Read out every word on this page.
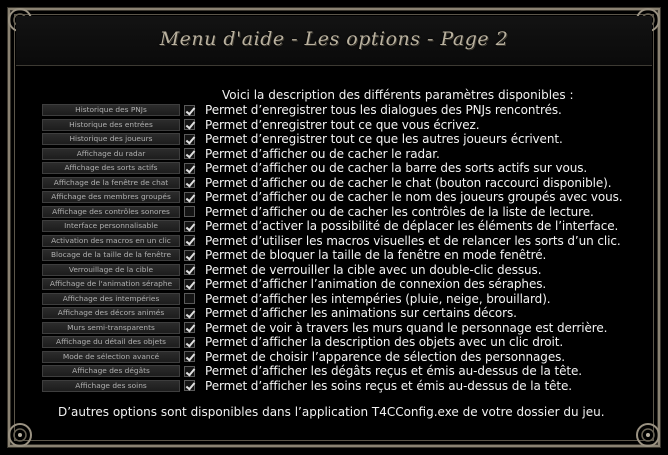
Menu d'aide - Les options - Page 2
Voici la description des différents paramètres disponibles :
Historique des PNJs	Permet d’enregistrer tous les dialogues des PNJs rencontrés.
Historique des entrées	Permet d’enregistrer tout ce que vous écrivez.
Historique des joueurs	Permet d’enregistrer tout ce que les autres joueurs écrivent.
Affichage du radar	Permet d’afficher ou de cacher le radar.
Affichage des sorts actifs	Permet d’afficher ou de cacher la barre des sorts actifs sur vous.
Affichage de la fenêtre de chat	Permet d’afficher ou de cacher le chat (bouton raccourci disponible).
Affichage des membres groupés	Permet d’afficher ou de cacher le nom des joueurs groupés avec vous.
Affichage des contrôles sonores	Permet d’afficher ou de cacher les contrôles de la liste de lecture.
Interface personnalisable	Permet d’activer la possibilité de déplacer les éléments de l’interface.
Activation des macros en un clic	Permet d’utiliser les macros visuelles et de relancer les sorts d’un clic.
Blocage de la taille de la fenêtre	Permet de bloquer la taille de la fenêtre en mode fenêtré.
Verrouillage de la cible	Permet de verrouiller la cible avec un double-clic dessus.
Affichage de l'animation séraphe	Permet d’afficher l’animation de connexion des séraphes.
Affichage des intempéries	Permet d’afficher les intempéries (pluie, neige, brouillard).
Affichage des décors animés	Permet d’afficher les animations sur certains décors.
Murs semi-transparents	Permet de voir à travers les murs quand le personnage est derrière.
Affichage du détail des objets	Permet d’afficher la description des objets avec un clic droit.
Mode de sélection avancé	Permet de choisir l’apparence de sélection des personnages.
Affichage des dégâts	Permet d’afficher les dégâts reçus et émis au-dessus de la tête.
Affichage des soins	Permet d’afficher les soins reçus et émis au-dessus de la tête.
D’autres options sont disponibles dans l’application T4CConfig.exe de votre dossier du jeu.
